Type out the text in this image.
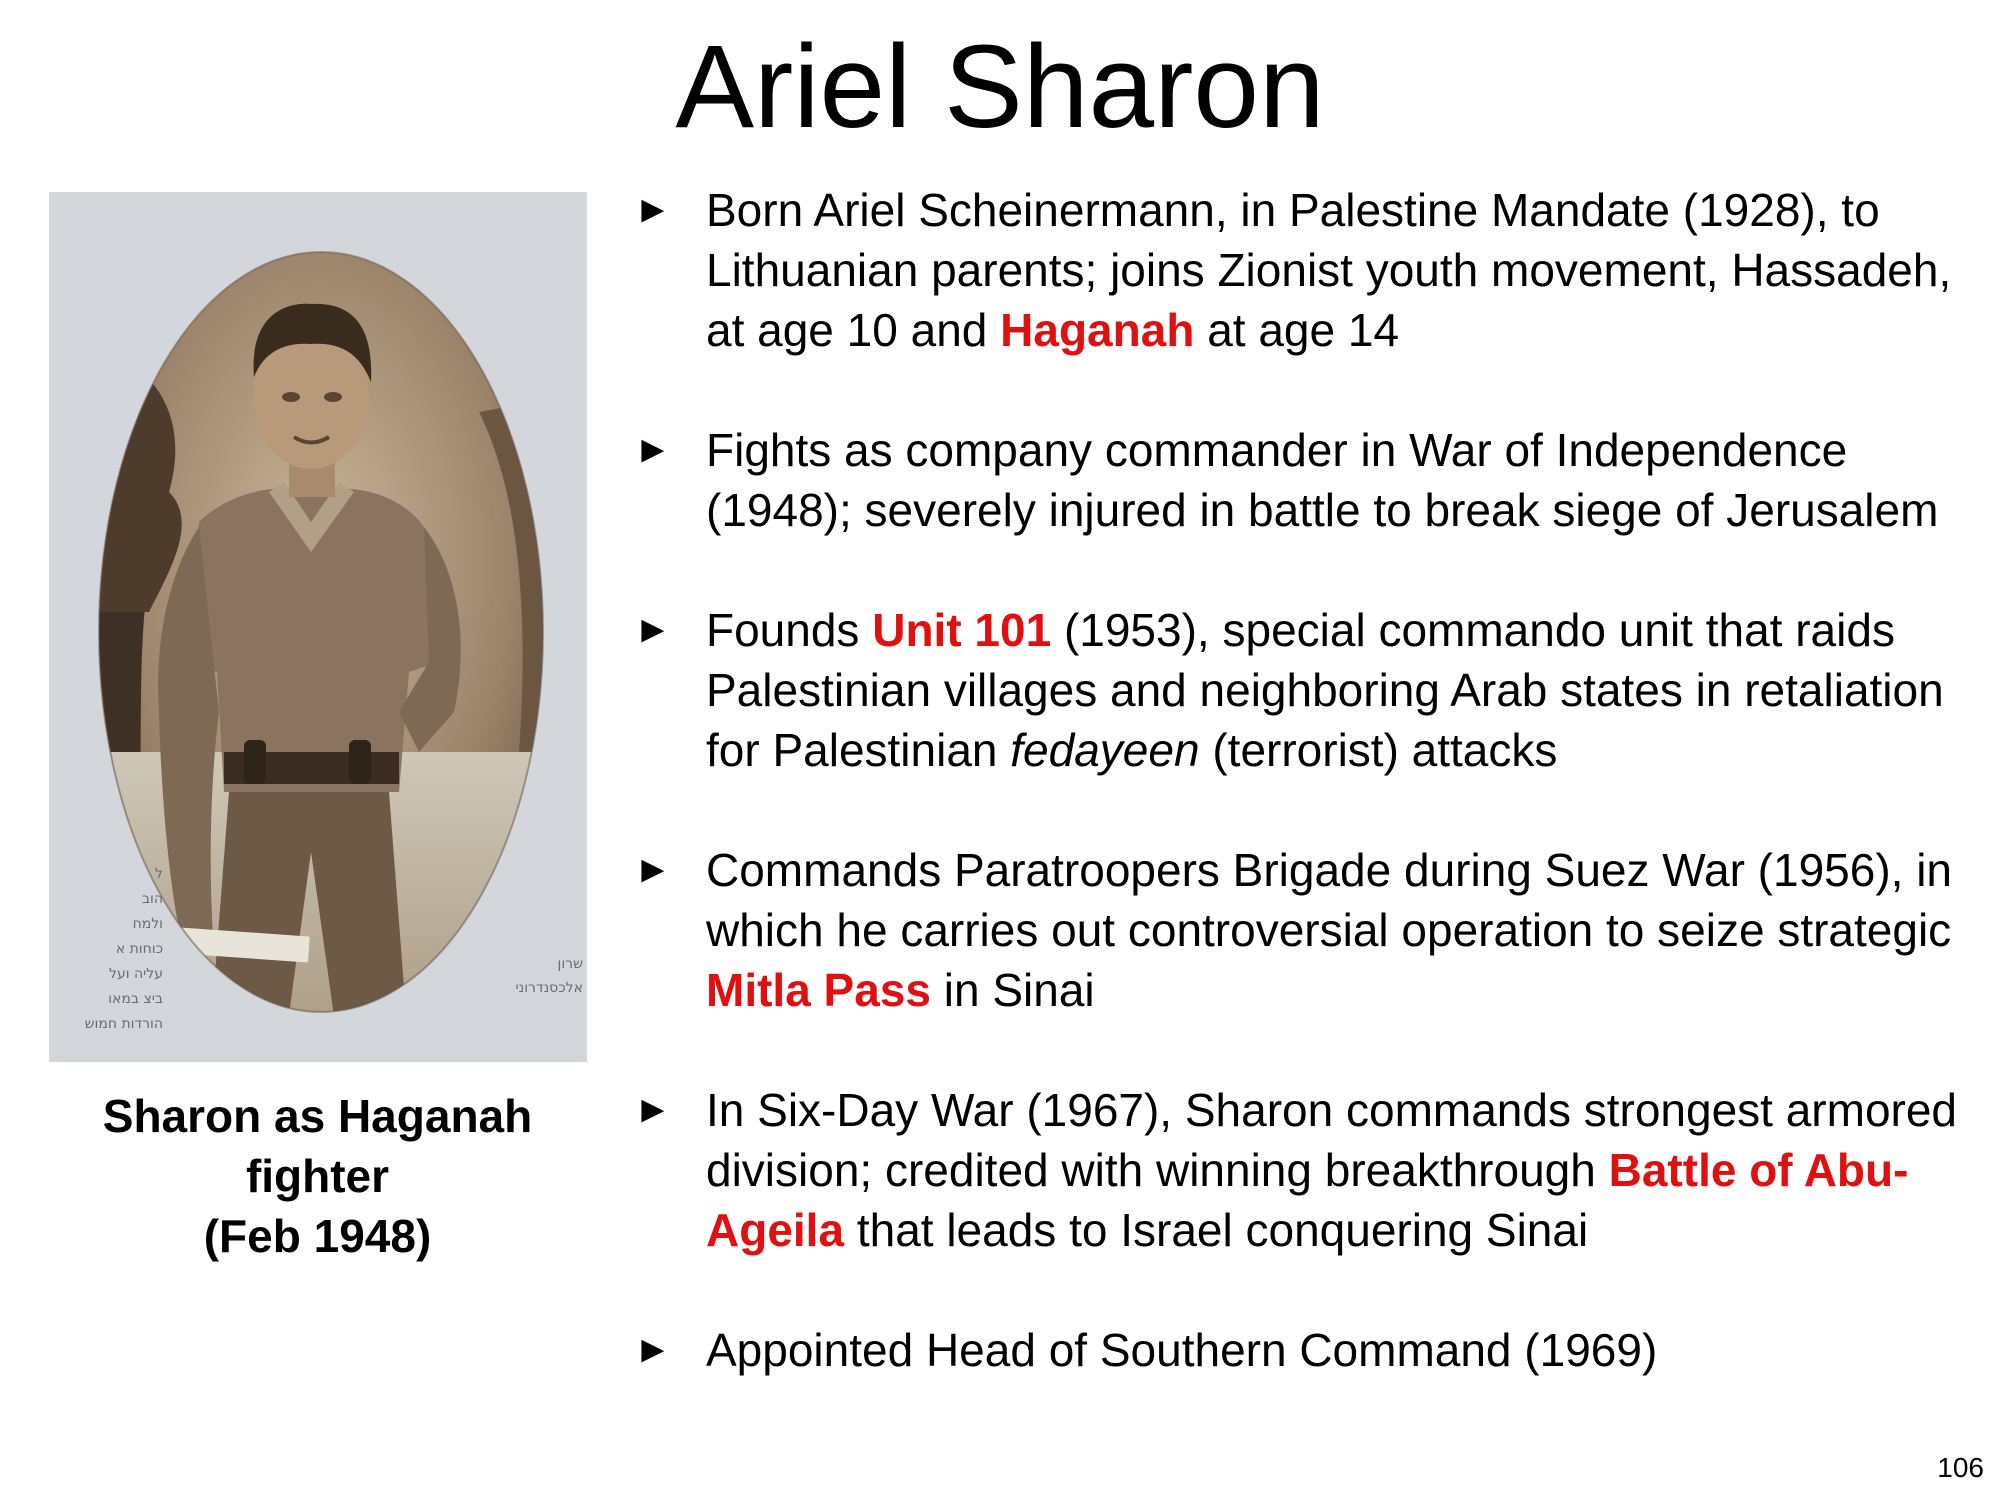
Ariel Sharon
ל
הוב
ולמח
כוחות א
עליה ועל
ביצ במאו
הורדות חמוש
שרון
אלכסנדרוני
Sharon as Haganah
fighter
(Feb 1948)
► Born Ariel Scheinermann, in Palestine Mandate (1928), to Lithuanian parents; joins Zionist youth movement, Hassadeh, at age 10 and Haganah at age 14
► Fights as company commander in War of Independence (1948); severely injured in battle to break siege of Jerusalem
► Founds Unit 101 (1953), special commando unit that raids Palestinian villages and neighboring Arab states in retaliation for Palestinian fedayeen (terrorist) attacks
► Commands Paratroopers Brigade during Suez War (1956), in which he carries out controversial operation to seize strategic Mitla Pass in Sinai
► In Six-Day War (1967), Sharon commands strongest armored division; credited with winning breakthrough Battle of Abu-Ageila that leads to Israel conquering Sinai
► Appointed Head of Southern Command (1969)
106
